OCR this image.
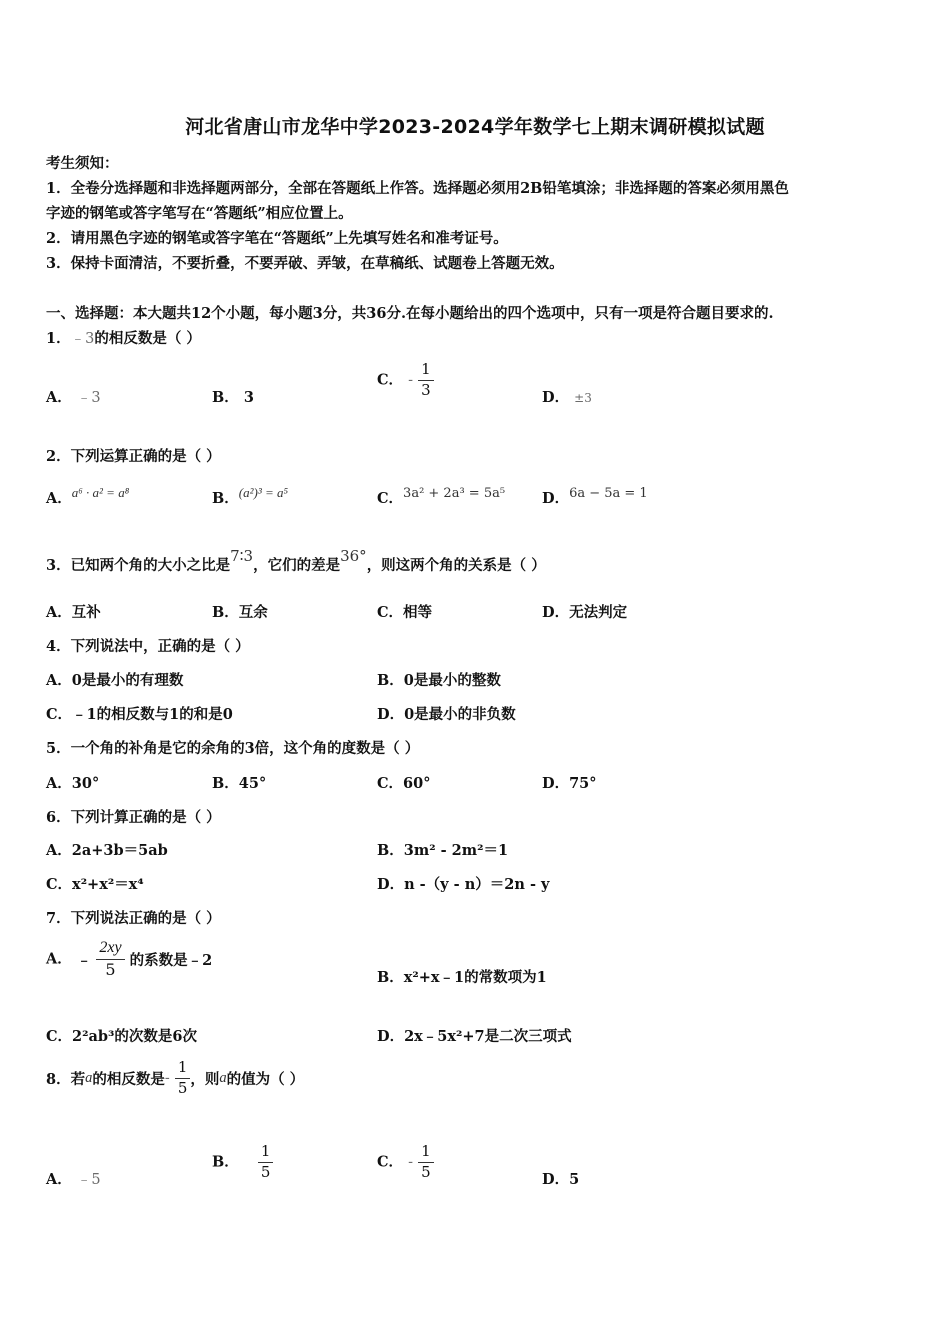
河北省唐山市龙华中学2023-2024学年数学七上期末调研模拟试题
考生须知：
1．全卷分选择题和非选择题两部分，全部在答题纸上作答。选择题必须用2B铅笔填涂；非选择题的答案必须用黑色
字迹的钢笔或答字笔写在“答题纸”相应位置上。
2．请用黑色字迹的钢笔或答字笔在“答题纸”上先填写姓名和准考证号。
3．保持卡面清洁，不要折叠，不要弄破、弄皱，在草稿纸、试题卷上答题无效。
一、选择题：本大题共12个小题，每小题3分，共36分.在每小题给出的四个选项中，只有一项是符合题目要求的.
1．﹣3的相反数是（ ）
A． ﹣3	B． 3
C． - $\frac{1}{3}$	D． ±3
2．下列运算正确的是（ ）
A．a⁶ · a² = a⁸	B．(a²)³ = a⁵	C．3a² + 2a³ = 5a⁵	D．6a − 5a = 1
3．已知两个角的大小之比是7∶3，它们的差是36°，则这两个角的关系是（ ）
A．互补	B．互余	C．相等	D．无法判定
4．下列说法中，正确的是（ ）
A．0是最小的有理数	B．0是最小的整数
C．﹣1的相反数与1的和是0	D．0是最小的非负数
5．一个角的补角是它的余角的3倍，这个角的度数是（ ）
A．30°	B．45°	C．60°	D．75°
6．下列计算正确的是（ ）
A．2a+3b＝5ab	B．3m² - 2m²＝1
C．x²+x²＝x⁴	D．n -（y - n）＝2n - y
7．下列说法正确的是（ ）
A． ﹣ $\frac{2xy}{5}$ 的系数是﹣2
B．x²+x﹣1的常数项为1
C．2²ab³的次数是6次	D．2x﹣5x²+7是二次三项式
8．若a的相反数是- $\frac{1}{5}$ ，则a的值为（ ）
A． ﹣5
B． $\frac{1}{5}$	C． - $\frac{1}{5}$	D．5
